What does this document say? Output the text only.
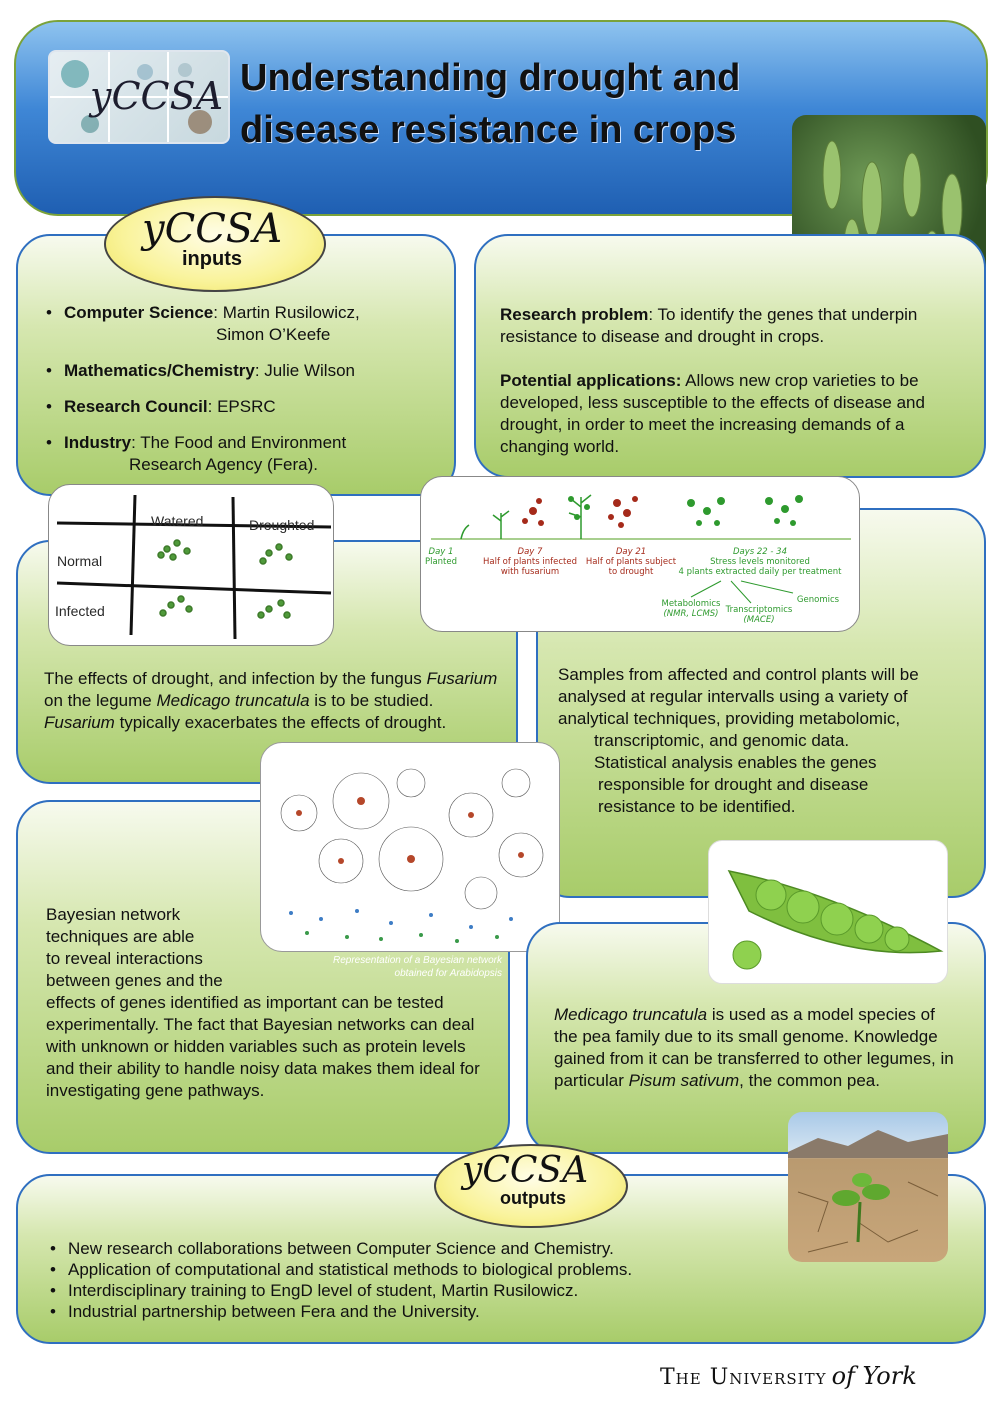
yCCSA Understanding drought and
disease resistance in crops
yCCSA
inputs
• Computer Science: Martin Rusilowicz,
Simon O’Keefe
• Mathematics/Chemistry: Julie Wilson
• Research Council: EPSRC
• Industry: The Food and Environment
Research Agency (Fera).
Research problem: To identify the genes that underpin resistance to disease and drought in crops.
Potential applications: Allows new crop varieties to be developed, less susceptible to the effects of disease and drought, in order to meet the increasing demands of a changing world.
Watered	Droughted
Normal
Infected
The effects of drought, and infection by the fungus Fusarium on the legume Medicago truncatula is to be studied. Fusarium typically exacerbates the effects of drought.
Day 1
Planted
Day 7
Half of plants infected
with fusarium
Day 21
Half of plants subject
to drought
Days 22 - 34
Stress levels monitored
4 plants extracted daily per treatment
Metabolomics
(NMR, LCMS) Transcriptomics
(MACE)
Genomics
Samples from affected and control plants will be
analysed at regular intervalls using a variety of
analytical techniques, providing metabolomic,
transcriptomic, and genomic data.
Statistical analysis enables the genes
responsible for drought and disease
resistance to be identified.
Representation of a Bayesian network
obtained for Arabidopsis
Bayesian network
techniques are able
to reveal interactions
between genes and the
effects of genes identified as important can be tested experimentally. The fact that Bayesian networks can deal with unknown or hidden variables such as protein levels and their ability to handle noisy data makes them ideal for investigating gene pathways.
Medicago truncatula is used as a model species of the pea family due to its small genome. Knowledge gained from it can be transferred to other legumes, in particular Pisum sativum, the common pea.
yCCSA
outputs
• New research collaborations between Computer Science and Chemistry.
• Application of computational and statistical methods to biological problems.
• Interdisciplinary training to EngD level of student, Martin Rusilowicz.
• Industrial partnership between Fera and the University.
The University of York
